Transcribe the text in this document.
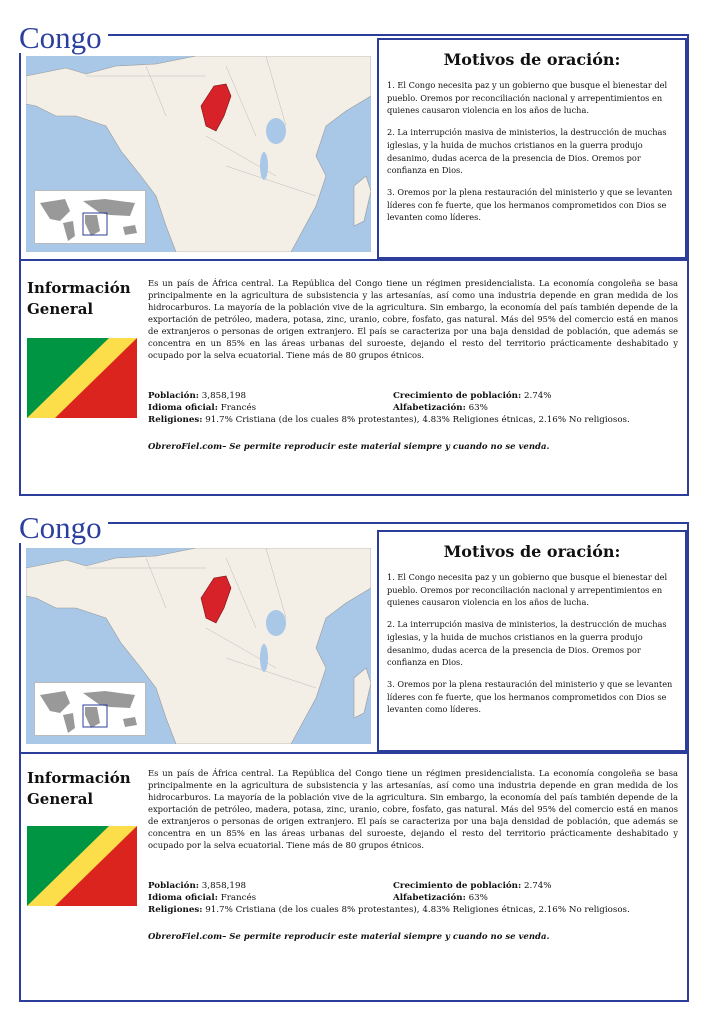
Congo
Motivos de oración:

1. El Congo necesita paz y un gobierno que busque el bienestar del pueblo. Oremos por reconciliación nacional y arrepentimientos en quienes causaron violencia en los años de lucha.

2. La interrupción masiva de ministerios, la destrucción de muchas iglesias, y la huida de muchos cristianos en la guerra produjo desanimo, dudas acerca de la presencia de Dios. Oremos por confianza en Dios.

3. Oremos por la plena restauración del ministerio y que se levanten líderes con fe fuerte, que los hermanos comprometidos con Dios se levanten como líderes.

Información
General
Es un país de África central. La República del Congo tiene un régimen presidencialista. La economía congoleña se basa principalmente en la agricultura de subsistencia y las artesanías, así como una industria depende en gran medida de los hidrocarburos. La mayoría de la población vive de la agricultura. Sin embargo, la economía del país también depende de la exportación de petróleo, madera, potasa, zinc, uranio, cobre, fosfato, gas natural. Más del 95% del comercio está en manos de extranjeros o personas de origen extranjero. El país se caracteriza por una baja densidad de población, que además se concentra en un 85% en las áreas urbanas del suroeste, dejando el resto del territorio prácticamente deshabitado y ocupado por la selva ecuatorial. Tiene más de 80 grupos étnicos.
Población: 3,858,198	Crecimiento de población: 2.74%
Idioma oficial: Francés	Alfabetización: 63%
Religiones: 91.7% Cristiana (de los cuales 8% protestantes), 4.83% Religiones étnicas, 2.16% No religiosos.
ObreroFiel.com– Se permite reproducir este material siempre y cuando no se venda.
Congo
Motivos de oración:

1. El Congo necesita paz y un gobierno que busque el bienestar del pueblo. Oremos por reconciliación nacional y arrepentimientos en quienes causaron violencia en los años de lucha.

2. La interrupción masiva de ministerios, la destrucción de muchas iglesias, y la huida de muchos cristianos en la guerra produjo desanimo, dudas acerca de la presencia de Dios. Oremos por confianza en Dios.

3. Oremos por la plena restauración del ministerio y que se levanten líderes con fe fuerte, que los hermanos comprometidos con Dios se levanten como líderes.

Información
General
Es un país de África central. La República del Congo tiene un régimen presidencialista. La economía congoleña se basa principalmente en la agricultura de subsistencia y las artesanías, así como una industria depende en gran medida de los hidrocarburos. La mayoría de la población vive de la agricultura. Sin embargo, la economía del país también depende de la exportación de petróleo, madera, potasa, zinc, uranio, cobre, fosfato, gas natural. Más del 95% del comercio está en manos de extranjeros o personas de origen extranjero. El país se caracteriza por una baja densidad de población, que además se concentra en un 85% en las áreas urbanas del suroeste, dejando el resto del territorio prácticamente deshabitado y ocupado por la selva ecuatorial. Tiene más de 80 grupos étnicos.
Población: 3,858,198	Crecimiento de población: 2.74%
Idioma oficial: Francés	Alfabetización: 63%
Religiones: 91.7% Cristiana (de los cuales 8% protestantes), 4.83% Religiones étnicas, 2.16% No religiosos.
ObreroFiel.com– Se permite reproducir este material siempre y cuando no se venda.
